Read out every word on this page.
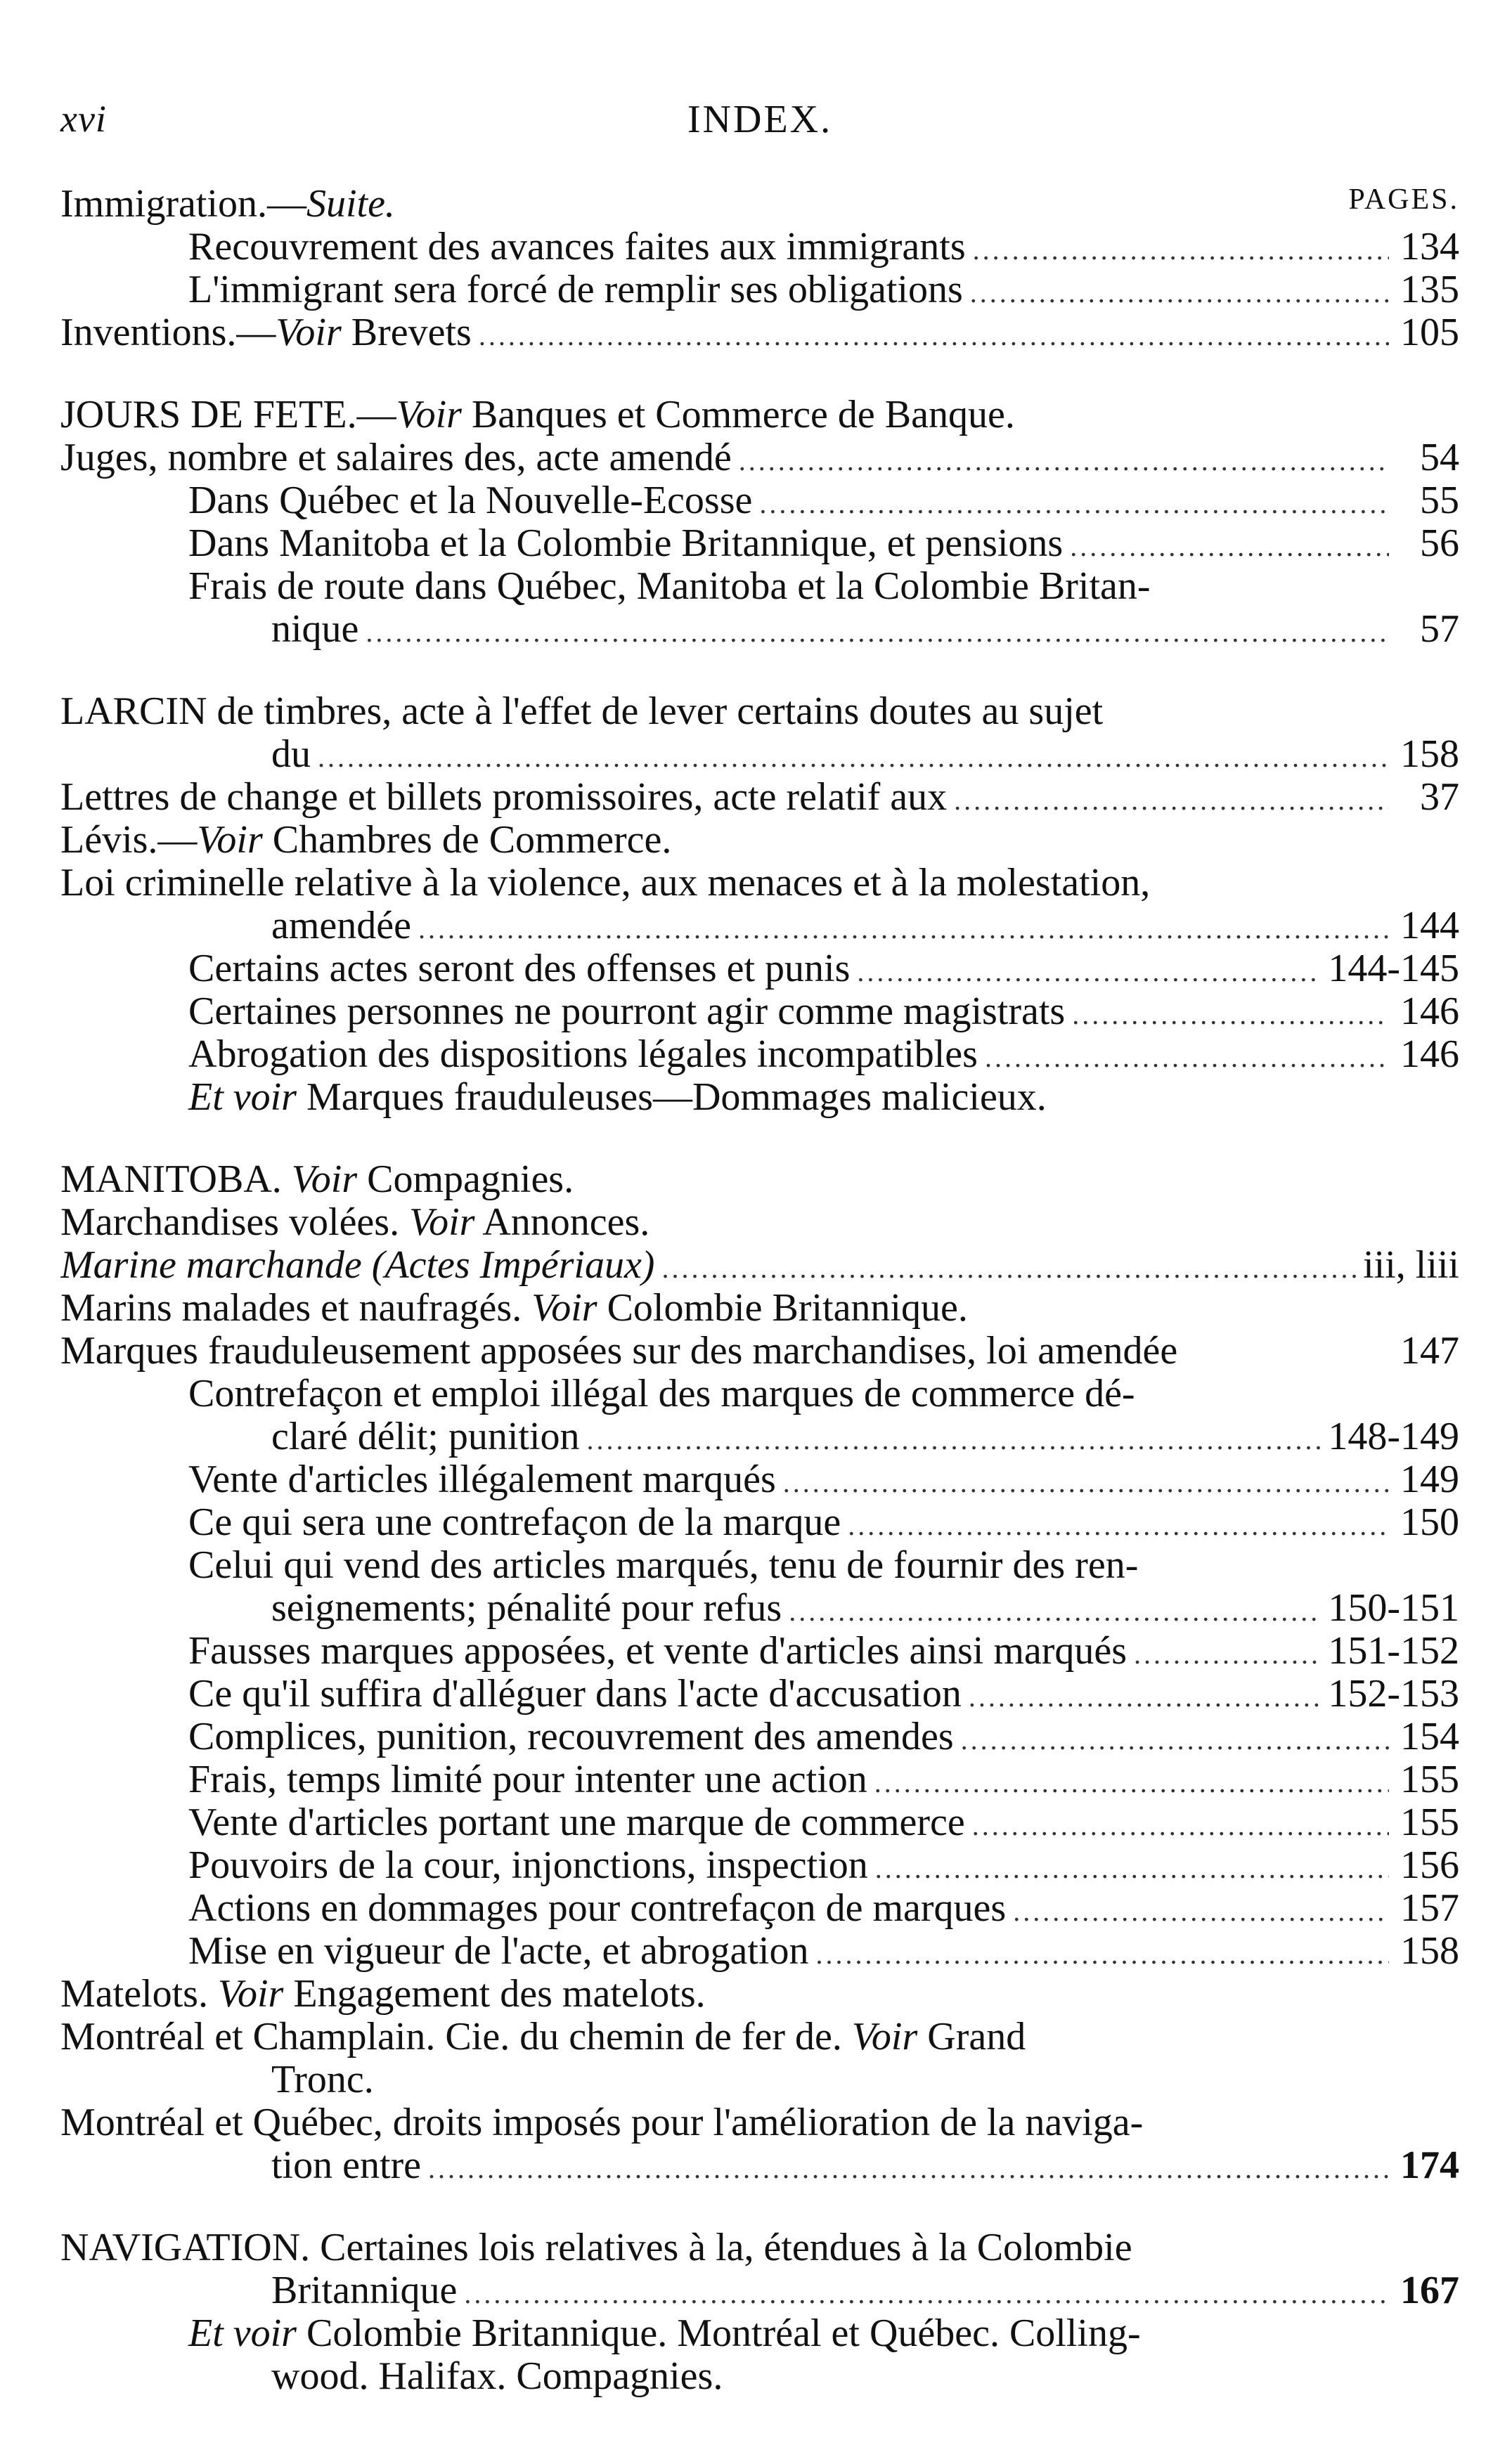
xvi	INDEX.
PAGES.
Immigration.—Suite.
Recouvrement des avances faites aux immigrants .....	134
L'immigrant sera forcé de remplir ses obligations .....	135
Inventions.—Voir Brevets .....	105
JOURS DE FETE.—Voir Banques et Commerce de Banque.
Juges, nombre et salaires des, acte amendé .....	54
Dans Québec et la Nouvelle-Ecosse .....	55
Dans Manitoba et la Colombie Britannique, et pensions .....	56
Frais de route dans Québec, Manitoba et la Colombie Britan-
nique .....	57
LARCIN de timbres, acte à l'effet de lever certains doutes au sujet
du .....	158
Lettres de change et billets promissoires, acte relatif aux .....	37
Lévis.—Voir Chambres de Commerce.
Loi criminelle relative à la violence, aux menaces et à la molestation,
amendée .....	144
Certains actes seront des offenses et punis .....	144-145
Certaines personnes ne pourront agir comme magistrats .....	146
Abrogation des dispositions légales incompatibles .....	146
Et voir Marques frauduleuses—Dommages malicieux.
MANITOBA. Voir Compagnies.
Marchandises volées. Voir Annonces.
Marine marchande (Actes Impériaux) .....	iii, liii
Marins malades et naufragés. Voir Colombie Britannique.
Marques frauduleusement apposées sur des marchandises, loi amendée	147
Contrefaçon et emploi illégal des marques de commerce dé-
claré délit; punition .....	148-149
Vente d'articles illégalement marqués .....	149
Ce qui sera une contrefaçon de la marque .....	150
Celui qui vend des articles marqués, tenu de fournir des ren-
seignements; pénalité pour refus .....	150-151
Fausses marques apposées, et vente d'articles ainsi marqués .....	151-152
Ce qu'il suffira d'alléguer dans l'acte d'accusation .....	152-153
Complices, punition, recouvrement des amendes .....	154
Frais, temps limité pour intenter une action .....	155
Vente d'articles portant une marque de commerce .....	155
Pouvoirs de la cour, injonctions, inspection .....	156
Actions en dommages pour contrefaçon de marques .....	157
Mise en vigueur de l'acte, et abrogation .....	158
Matelots. Voir Engagement des matelots.
Montréal et Champlain. Cie. du chemin de fer de. Voir Grand
Tronc.
Montréal et Québec, droits imposés pour l'amélioration de la naviga-
tion entre .....	174
NAVIGATION. Certaines lois relatives à la, étendues à la Colombie
Britannique .....	167
Et voir Colombie Britannique. Montréal et Québec. Colling-
wood. Halifax. Compagnies.
